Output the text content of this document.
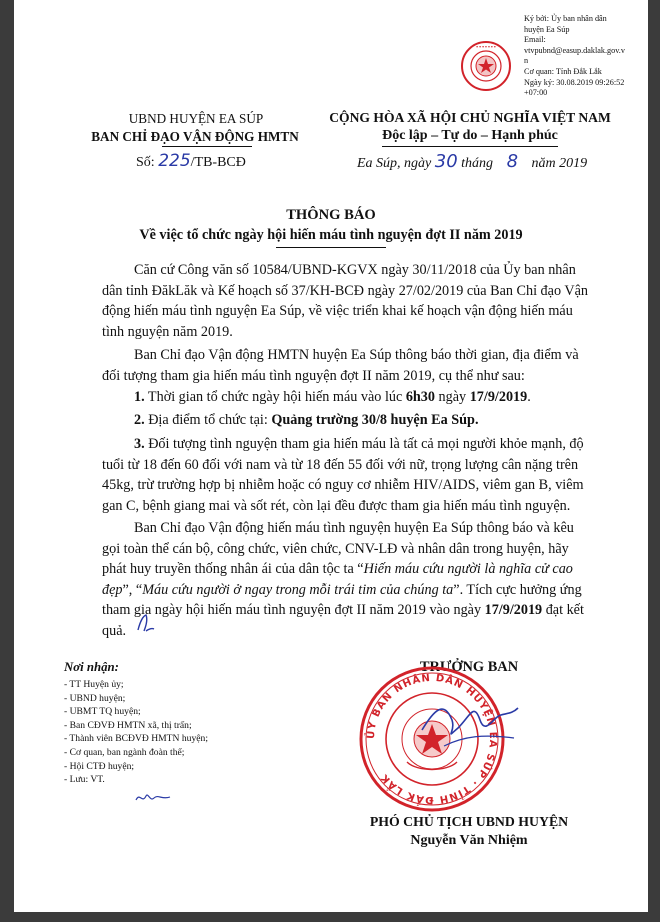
•••••••
Ký bởi: Ủy ban nhân dân
huyện Ea Súp
Email:
vtvpubnd@easup.daklak.gov.v
n
Cơ quan: Tỉnh Đắk Lắk
Ngày ký: 30.08.2019 09:26:52
+07:00
UBND HUYỆN EA SÚP
BAN CHỈ ĐẠO VẬN ĐỘNG HMTN
Số: 225/TB-BCĐ
CỘNG HÒA XÃ HỘI CHỦ NGHĨA VIỆT NAM
Độc lập – Tự do – Hạnh phúc
Ea Súp, ngày 30 tháng 8 năm 2019
THÔNG BÁO
Về việc tổ chức ngày hội hiến máu tình nguyện đợt II năm 2019

Căn cứ Công văn số 10584/UBND-KGVX ngày 30/11/2018 của Ủy ban nhân dân tỉnh ĐăkLăk và Kế hoạch số 37/KH-BCĐ ngày 27/02/2019 của Ban Chỉ đạo Vận động hiến máu tình nguyện Ea Súp, về việc triển khai kế hoạch vận động hiến máu tình nguyện năm 2019.

Ban Chỉ đạo Vận động HMTN huyện Ea Súp thông báo thời gian, địa điểm và đối tượng tham gia hiến máu tình nguyện đợt II năm 2019, cụ thể như sau:

1. Thời gian tổ chức ngày hội hiến máu vào lúc 6h30 ngày 17/9/2019.

2. Địa điểm tổ chức tại: Quảng trường 30/8 huyện Ea Súp.

3. Đối tượng tình nguyện tham gia hiến máu là tất cả mọi người khỏe mạnh, độ tuổi từ 18 đến 60 đối với nam và từ 18 đến 55 đối với nữ, trọng lượng cân nặng trên 45kg, trừ trường hợp bị nhiễm hoặc có nguy cơ nhiễm HIV/AIDS, viêm gan B, viêm gan C, bệnh giang mai và sốt rét, còn lại đều được tham gia hiến máu tình nguyện.

Ban Chỉ đạo Vận động hiến máu tình nguyện huyện Ea Súp thông báo và kêu gọi toàn thể cán bộ, công chức, viên chức, CNV-LĐ và nhân dân trong huyện, hãy phát huy truyền thống nhân ái của dân tộc ta “Hiến máu cứu người là nghĩa cử cao đẹp”, “Máu cứu người ở ngay trong mỗi trái tim của chúng ta”. Tích cực hưởng ứng tham gia ngày hội hiến máu tình nguyện đợt II năm 2019 vào ngày 17/9/2019 đạt kết quả.

Nơi nhận:
- TT Huyện ủy;
- UBND huyện;
- UBMT TQ huyện;
- Ban CĐVĐ HMTN xã, thị trấn;
- Thành viên BCĐVĐ HMTN huyện;
- Cơ quan, ban ngành đoàn thể;
- Hội CTĐ huyện;
- Lưu: VT.
TRƯỞNG BAN
ỦY BAN NHÂN DÂN HUYỆN EA SÚP · TỈNH ĐẮK LẮK
PHÓ CHỦ TỊCH UBND HUYỆN
Nguyễn Văn Nhiệm
